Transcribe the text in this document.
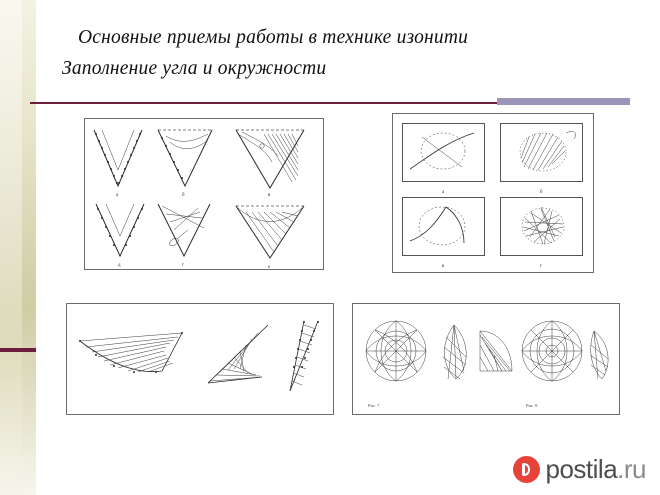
Основные приемы работы в технике изонити
Заполнение угла и окружности
а	б	в
д	г	е
а	б
в	г
Рис. 7	Рис. 8
postila.ru
